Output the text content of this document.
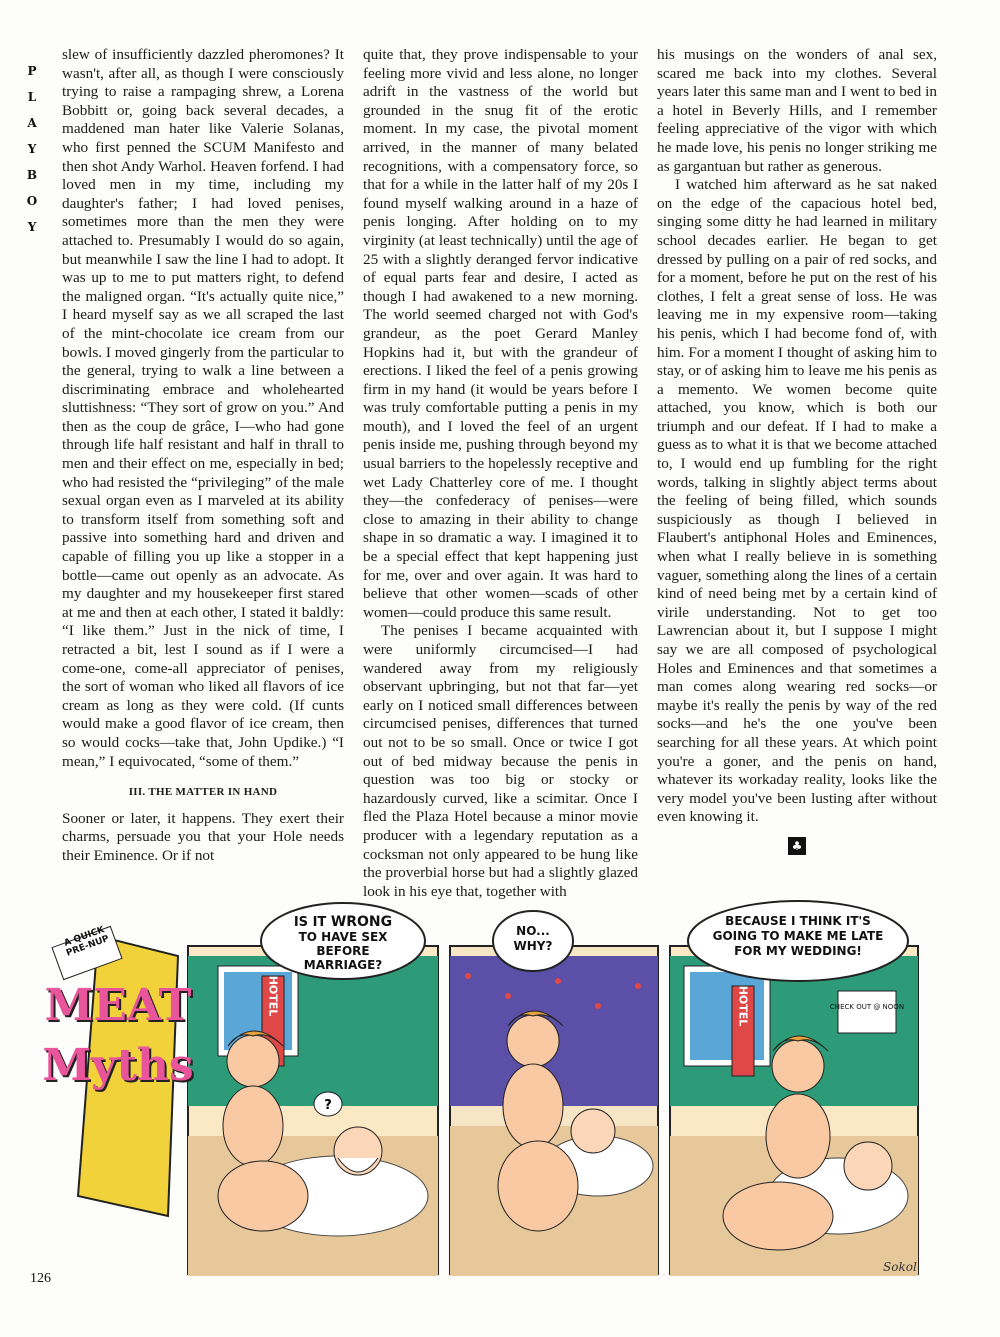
P
L
A
Y
B
O
Y

slew of insufficiently dazzled pheromones? It wasn't, after all, as though I were consciously trying to raise a rampaging shrew, a Lorena Bobbitt or, going back several decades, a maddened man hater like Valerie Solanas, who first penned the SCUM Manifesto and then shot Andy Warhol. Heaven forfend. I had loved men in my time, including my daughter's father; I had loved penises, sometimes more than the men they were attached to. Presumably I would do so again, but meanwhile I saw the line I had to adopt. It was up to me to put matters right, to defend the maligned organ. “It's actually quite nice,” I heard myself say as we all scraped the last of the mint-chocolate ice cream from our bowls. I moved gingerly from the particular to the general, trying to walk a line between a discriminating embrace and wholehearted sluttishness: “They sort of grow on you.” And then as the coup de grâce, I—who had gone through life half resistant and half in thrall to men and their effect on me, especially in bed; who had resisted the “privileging” of the male sexual organ even as I marveled at its ability to transform itself from something soft and passive into something hard and driven and capable of filling you up like a stopper in a bottle—came out openly as an advocate. As my daughter and my housekeeper first stared at me and then at each other, I stated it baldly: “I like them.” Just in the nick of time, I retracted a bit, lest I sound as if I were a come-one, come-all appreciator of penises, the sort of woman who liked all flavors of ice cream as long as they were cold. (If cunts would make a good flavor of ice cream, then so would cocks—take that, John Updike.) “I mean,” I equivocated, “some of them.”

III. THE MATTER IN HAND

Sooner or later, it happens. They exert their charms, persuade you that your Hole needs their Eminence. Or if not

quite that, they prove indispensable to your feeling more vivid and less alone, no longer adrift in the vastness of the world but grounded in the snug fit of the erotic moment. In my case, the pivotal moment arrived, in the manner of many belated recognitions, with a compensatory force, so that for a while in the latter half of my 20s I found myself walking around in a haze of penis longing. After holding on to my virginity (at least technically) until the age of 25 with a slightly deranged fervor indicative of equal parts fear and desire, I acted as though I had awakened to a new morning. The world seemed charged not with God's grandeur, as the poet Gerard Manley Hopkins had it, but with the grandeur of erections. I liked the feel of a penis growing firm in my hand (it would be years before I was truly comfortable putting a penis in my mouth), and I loved the feel of an urgent penis inside me, pushing through beyond my usual barriers to the hopelessly receptive and wet Lady Chatterley core of me. I thought they—the confederacy of penises—were close to amazing in their ability to change shape in so dramatic a way. I imagined it to be a special effect that kept happening just for me, over and over again. It was hard to believe that other women—scads of other women—could produce this same result.

The penises I became acquainted with were uniformly circumcised—I had wandered away from my religiously observant upbringing, but not that far—yet early on I noticed small differences between circumcised penises, differences that turned out not to be so small. Once or twice I got out of bed midway because the penis in question was too big or stocky or hazardously curved, like a scimitar. Once I fled the Plaza Hotel because a minor movie producer with a legendary reputation as a cocksman not only appeared to be hung like the proverbial horse but had a slightly glazed look in his eye that, together with

his musings on the wonders of anal sex, scared me back into my clothes. Several years later this same man and I went to bed in a hotel in Beverly Hills, and I remember feeling appreciative of the vigor with which he made love, his penis no longer striking me as gargantuan but rather as generous.

I watched him afterward as he sat naked on the edge of the capacious hotel bed, singing some ditty he had learned in military school decades earlier. He began to get dressed by pulling on a pair of red socks, and for a moment, before he put on the rest of his clothes, I felt a great sense of loss. He was leaving me in my expensive room—taking his penis, which I had become fond of, with him. For a moment I thought of asking him to stay, or of asking him to leave me his penis as a memento. We women become quite attached, you know, which is both our triumph and our defeat. If I had to make a guess as to what it is that we become attached to, I would end up fumbling for the right words, talking in slightly abject terms about the feeling of being filled, which sounds suspiciously as though I believed in Flaubert's antiphonal Holes and Eminences, when what I really believe in is something vaguer, something along the lines of a certain kind of need being met by a certain kind of virile understanding. Not to get too Lawrencian about it, but I suppose I might say we are all composed of psychological Holes and Eminences and that sometimes a man comes along wearing red socks—or maybe it's really the penis by way of the red socks—and he's the one you've been searching for all these years. At which point you're a goner, and the penis on hand, whatever its workaday reality, looks like the very model you've been lusting after without even knowing it.

♣
HOTEL	HOTEL	CHECK OUT @ NOON
Sokol
IS IT WRONG
TO HAVE SEX BEFORE MARRIAGE?
?
NO... WHY?
BECAUSE I THINK IT'S GOING TO MAKE ME LATE FOR MY WEDDING!
A QUICK PRE-NUP
MEAT Myths
126
